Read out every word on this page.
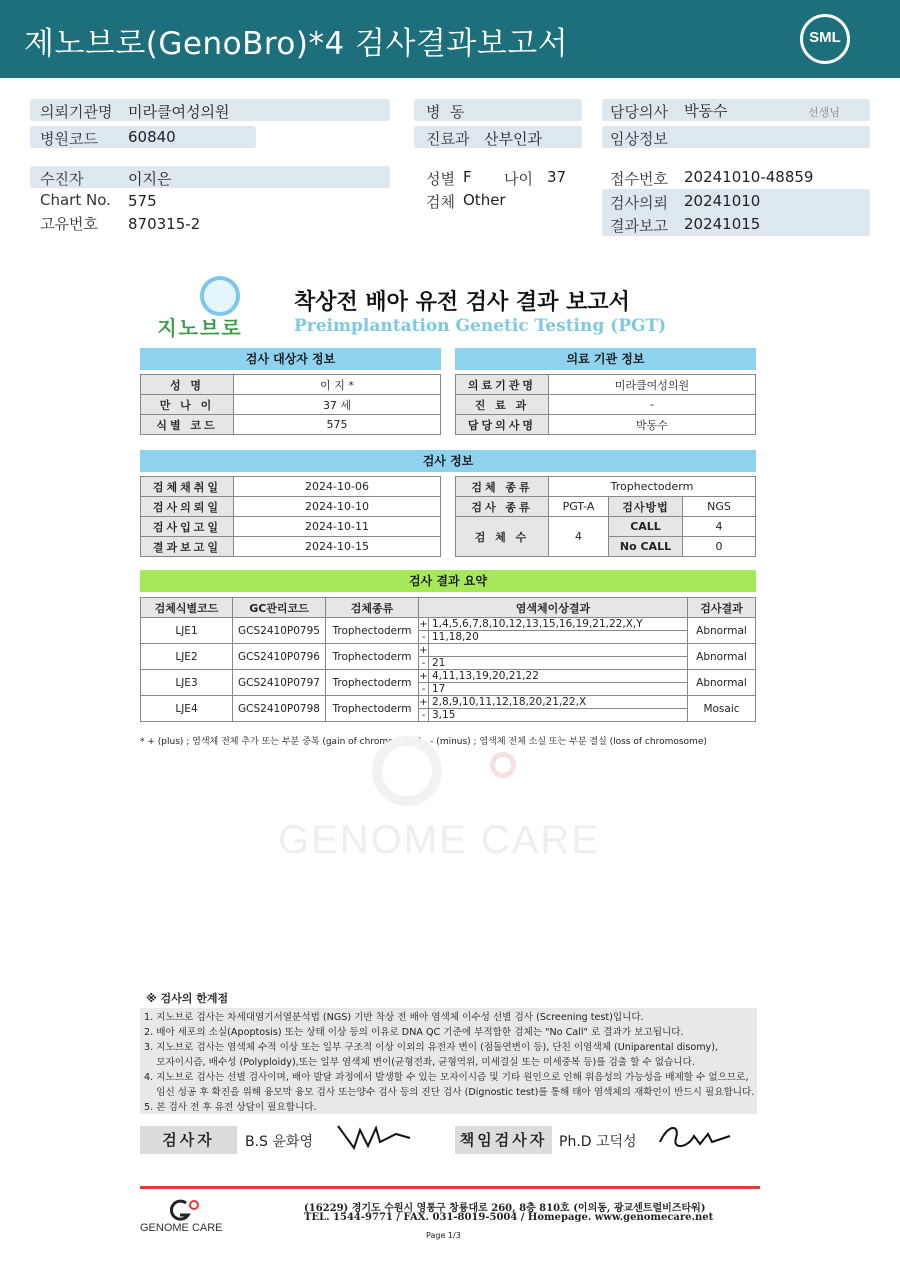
제노브로(GenoBro)*4 검사결과보고서	SML
의뢰기관명 미라클여성의원
병원코드 60840
수진자	이지은
Chart No. 575
고유번호 870315-2
병  동
진료과 산부인과
성별 F 나이 37
검체 Other
담당의사 박동수	선생님
임상정보
접수번호 20241010-48859
검사의뢰 20241010
결과보고 20241015
지노브로
착상전 배아 유전 검사 결과 보고서
Preimplantation Genetic Testing (PGT)
검사 대상자 정보
성 명	이 지 *
만 나 이	37 세
식별 코드	575
의료 기관 정보
의료기관명	미라클여성의원
진 료 과	-
담당의사명	박동수
검사 정보
검체채취일	2024-10-06
검사의뢰일	2024-10-10
검사입고일	2024-10-11
결과보고일	2024-10-15
검체 종류	Trophectoderm		
검사 종류	PGT-A	검사방법	NGS
검 체 수	4	CALL	4
		No CALL	0
검사 결과 요약
검체식별코드	GC관리코드	검체종류	염색체이상결과		검사결과
LJE1	GCS2410P0795	Trophectoderm	+	1,4,5,6,7,8,10,12,13,15,16,19,21,22,X,Y	Abnormal
			-	11,18,20	
LJE2	GCS2410P0796	Trophectoderm	+		Abnormal
			-	21	
LJE3	GCS2410P0797	Trophectoderm	+	4,11,13,19,20,21,22	Abnormal
			-	17	
LJE4	GCS2410P0798	Trophectoderm	+	2,8,9,10,11,12,18,20,21,22,X	Mosaic
			-	3,15	
* + (plus) ; 염색체 전체 추가 또는 부분 중복 (gain of chromosome) , - (minus) ; 염색체 전체 소실 또는 부분 결실 (loss of chromosome)
GENOME CARE
※ 검사의 한계점
1. 지노브로 검사는 차세대염기서열분석법 (NGS) 기반 착상 전 배아 염색체 이수성 선별 검사 (Screening test)입니다.
2. 배아 세포의 소실(Apoptosis) 또는 상태 이상 등의 이유로 DNA QC 기준에 부적합한 검체는 "No Call" 로 결과가 보고됩니다.
3. 지노브로 검사는 염색체 수적 이상 또는 일부 구조적 이상 이외의 유전자 변이 (점돌연변이 등), 단친 이염색체 (Uniparental disomy),
모자이시즘, 배수성 (Polyploidy),또는 일부 염색체 변이(균형전좌, 균형역위, 미세결실 또는 미세중복 등)를 검출 할 수 없습니다.
4. 지노브로 검사는 선별 검사이며, 배아 발달 과정에서 발생할 수 있는 모자이시즘 및 기타 원인으로 인해 위음성의 가능성을 배제할 수 없으므로,
임신 성공 후 확진을 위해 융모막 융모 검사 또는양수 검사 등의 진단 검사 (Dignostic test)를 통해 태아 염색체의 재확인이 반드시 필요합니다.
5. 본 검사 전 후 유전 상담이 필요합니다.
검사자	B.S 윤화영	책임검사자 Ph.D 고덕성
GENOME CARE
(16229) 경기도 수원시 영통구 창룡대로 260, 8층 810호 (이의동, 광교센트럴비즈타워)
TEL. 1544-9771 / FAX. 031-8019-5004 / Homepage. www.genomecare.net
Page 1/3
